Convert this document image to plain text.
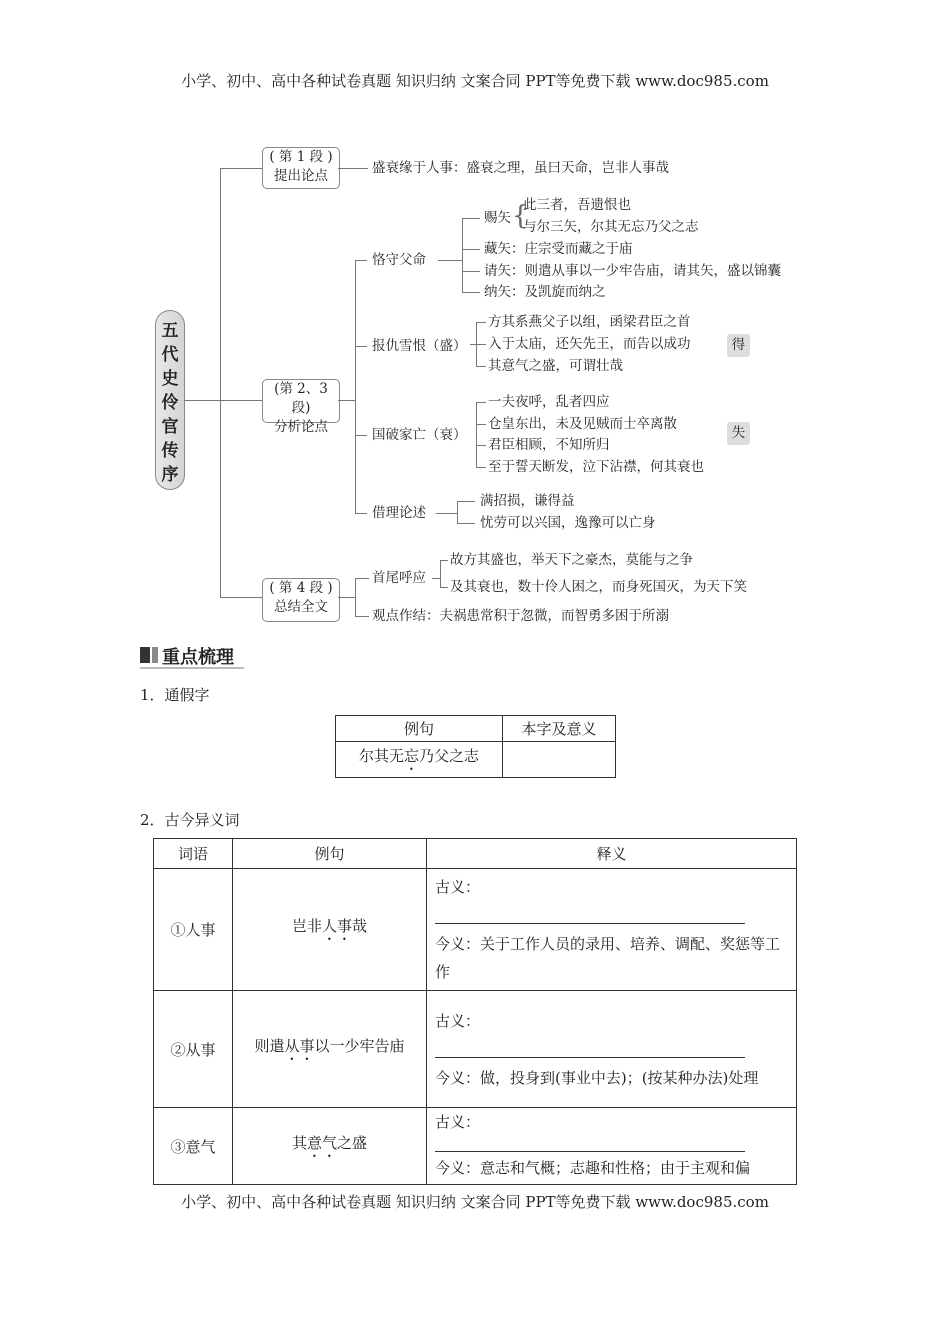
小学、初中、高中各种试卷真题 知识归纳 文案合同 PPT等免费下载 www.doc985.com
五代史伶官传序
( 第 1 段 )
提出论点	盛衰缘于人事：盛衰之理，虽曰天命，岂非人事哉
(第 2、3 段)
分析论点
恪守父命
赐矢 {
此三者，吾遗恨也
与尔三矢，尔其无忘乃父之志
藏矢：庄宗受而藏之于庙
请矢：则遣从事以一少牢告庙，请其矢，盛以锦囊
纳矢：及凯旋而纳之
报仇雪恨（盛）
方其系燕父子以组，函梁君臣之首
入于太庙，还矢先王，而告以成功
其意气之盛，可谓壮哉
得
国破家亡（衰）
一夫夜呼，乱者四应
仓皇东出，未及见贼而士卒离散
君臣相顾，不知所归
至于誓天断发，泣下沾襟，何其衰也
失
借理论述
满招损，谦得益
忧劳可以兴国，逸豫可以亡身
( 第 4 段 )
总结全文
首尾呼应
故方其盛也，举天下之豪杰，莫能与之争
及其衰也，数十伶人困之，而身死国灭，为天下笑
观点作结：夫祸患常积于忽微，而智勇多困于所溺
重点梳理
1．通假字
例句	本字及意义
尔其无忘乃父之志	
2．古今异义词
词语	例句	释义
①人事	岂非人事哉	古义：
今义：关于工作人员的录用、培养、调配、奖惩等工作

②从事	则遣从事以一少牢告庙	古义：
今义：做，投身到(事业中去)；(按某种办法)处理

③意气	其意气之盛	古义：
今义：意志和气概；志趣和性格；由于主观和偏
小学、初中、高中各种试卷真题 知识归纳 文案合同 PPT等免费下载 www.doc985.com
